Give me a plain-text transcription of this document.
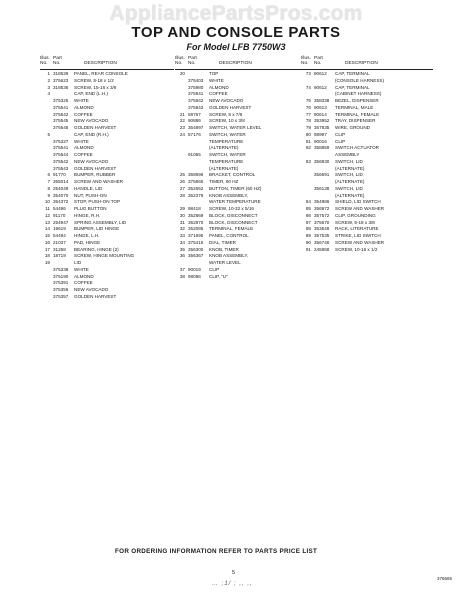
AppliancePartsPros.com
TOP AND CONSOLE PARTS
For Model LFB 7750W3
Illus.
No. No.	DESCRIPTION
Part
1 318539 PANEL, REAR CONSOLE
2 375623 SCREW, 8-18 x 1/2
3 318536 SCREW, 15-16 x 3/8
4	CAP, END (L.H.)
375325 WHITE
375541 ALMOND
375542 COFFEE
375545 NEW AVOCADO
375546 GOLDEN HARVEST
5	CAP, END (R.H.)
375327 WHITE
375541 ALMOND
375544 COFFEE
375542 NEW AVOCADO
375543 GOLDEN HARVEST
6 91770 BUMPER, RUBBER
7 355014 SCREW AND WASHER
8 254049 HANDLE, LID
9 354070 NUT, PUSH-ON
10 354372 STOP, PUSH-ON TOP
11 54496 PLUG BUTTON
12 91170 HINGE, R.H.
13 254947 SPRING ASSEMBLY, LID
14 19619 BUMPER, LID HINGE
15 54494 HINGE, L.H.
16 21037 PAD, HINGE
17 31258 BEARING, HINGE (2)
18 18719 SCREW, HINGE MOUNTING
19	LID
375338 WHITE
375190 ALMOND
375391 COFFEE
375356 NEW AVOCADO
375357 GOLDEN HARVEST
Illus.
No. No.	DESCRIPTION
Part
20	TOP
375403 WHITE
375980 ALMOND
375941 COFFEE
375942 NEW AVOCADO
375943 GOLDEN HARVEST
21 59767 SCREW, 8 x 7/8
22 90886 SCREW, 10 x 3/8
23 354897 SWITCH, WATER LEVEL
24 57176 SWITCH, WATER
TEMPERATURE
(ALTERNATE)
91065 SWITCH, WATER
TEMPERATURE
(ALTERNATE)
25 358696 BRACKET, CONTROL
26 375665 TIMER, 60 HZ
27 352652 BUTTON, TIMER (60 HZ)
28 352379 KNOB ASSEMBLY,
WATER TEMPERATURE
29 98418 SCREW, 10-32 x 5/16
30 352869 BLOCK, DISCONNECT
31 352870 BLOCK, DISCONNECT
32 352085 TERMINAL, FEMALE
33 371695 PANEL, CONTROL
34 375415 DIAL, TIMER
35 356300 KNOB, TIMER
36 356367 KNOB ASSEMBLY,
WATER LEVEL
37 90019 CLIP
38 98096 CLIP, "U"
Illus.
No. No.	DESCRIPTION
Part
73 90612 CAP, TERMINAL
(CONSOLE HARNESS)
74 90612 CAP, TERMINAL
(CABINET HARNESS)
75 358338 BEZEL, DISPENSER
76 90613 TERMINAL, MALE
77 90614 TERMINAL, FEMALE
78 353952 TRAY, DISPENSER
79 357835 WIRE, GROUND
80 98997 CLIP
81 90016 CLIP
82 358859 SWITCH ACTUATOR
ASSEMBLY
83 356930 SWITCH, LID
(ALTERNATE)
356691 SWITCH, LID
(ALTERNATE)
356138 SWITCH, LID
(ALTERNATE)
84 354986 SHIELD, LID SWITCH
85 356972 SCREW AND WASHER
86 357572 CLIP, GROUNDING
87 375670 SCREW, 8-18 x 3/8
88 353646 RACK, LITERATURE
89 357535 STRIKE, LID SWITCH
90 356746 SCREW AND WASHER
91 245968 SCREW, 10-16 x 1/2
FOR ORDERING INFORMATION REFER TO PARTS PRICE LIST
5
376665
… ;1/ ; ,, ,,
